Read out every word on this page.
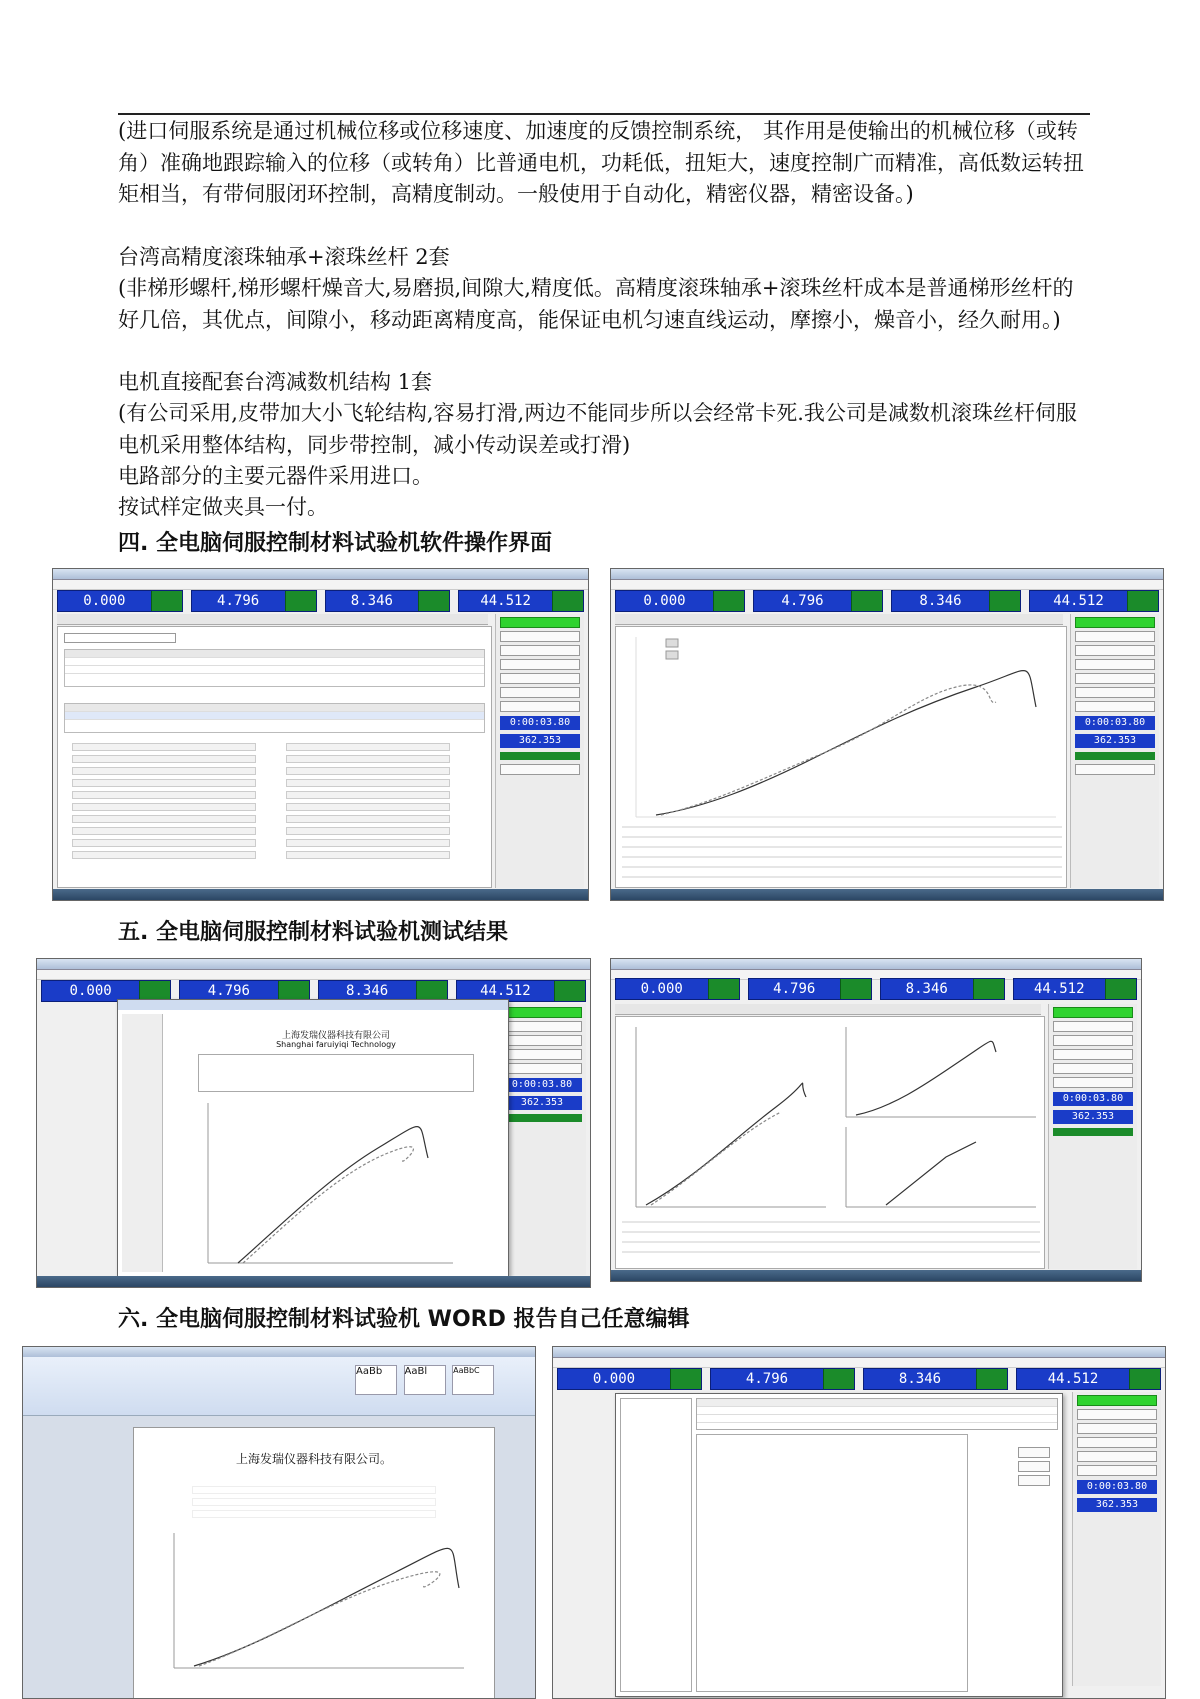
(进口伺服系统是通过机械位移或位移速度、加速度的反馈控制系统， 其作用是使输出的机械位移（或转角）准确地跟踪输入的位移（或转角）比普通电机，功耗低，扭矩大，速度控制广而精准，高低数运转扭矩相当，有带伺服闭环控制，高精度制动。一般使用于自动化，精密仪器，精密设备。)

台湾高精度滚珠轴承+滚珠丝杆 2套

(非梯形螺杆,梯形螺杆燥音大,易磨损,间隙大,精度低。高精度滚珠轴承+滚珠丝杆成本是普通梯形丝杆的好几倍，其优点，间隙小，移动距离精度高，能保证电机匀速直线运动，摩擦小，燥音小，经久耐用。)

电机直接配套台湾减数机结构 1套

(有公司采用,皮带加大小飞轮结构,容易打滑,两边不能同步所以会经常卡死.我公司是减数机滚珠丝杆伺服电机采用整体结构，同步带控制，减小传动误差或打滑)

电路部分的主要元器件采用进口。

按试样定做夹具一付。

四. 全电脑伺服控制材料试验机软件操作界面

0.000	4.796	8.346	44.512
0:00:03.80
362.353
0.000	4.796	8.346	44.512
0:00:03.80
362.353

五. 全电脑伺服控制材料试验机测试结果

0.000	4.796	8.346	44.512
0:00:03.80
362.353
上海发瑞仪器科技有限公司
Shanghai faruiyiqi Technology
0.000	4.796	8.346	44.512
0:00:03.80
362.353

六. 全电脑伺服控制材料试验机 WORD 报告自己任意编辑

AaBb AaBl	AaBbC
上海发瑞仪器科技有限公司。
0.000	4.796	8.346	44.512
0:00:03.80
362.353
